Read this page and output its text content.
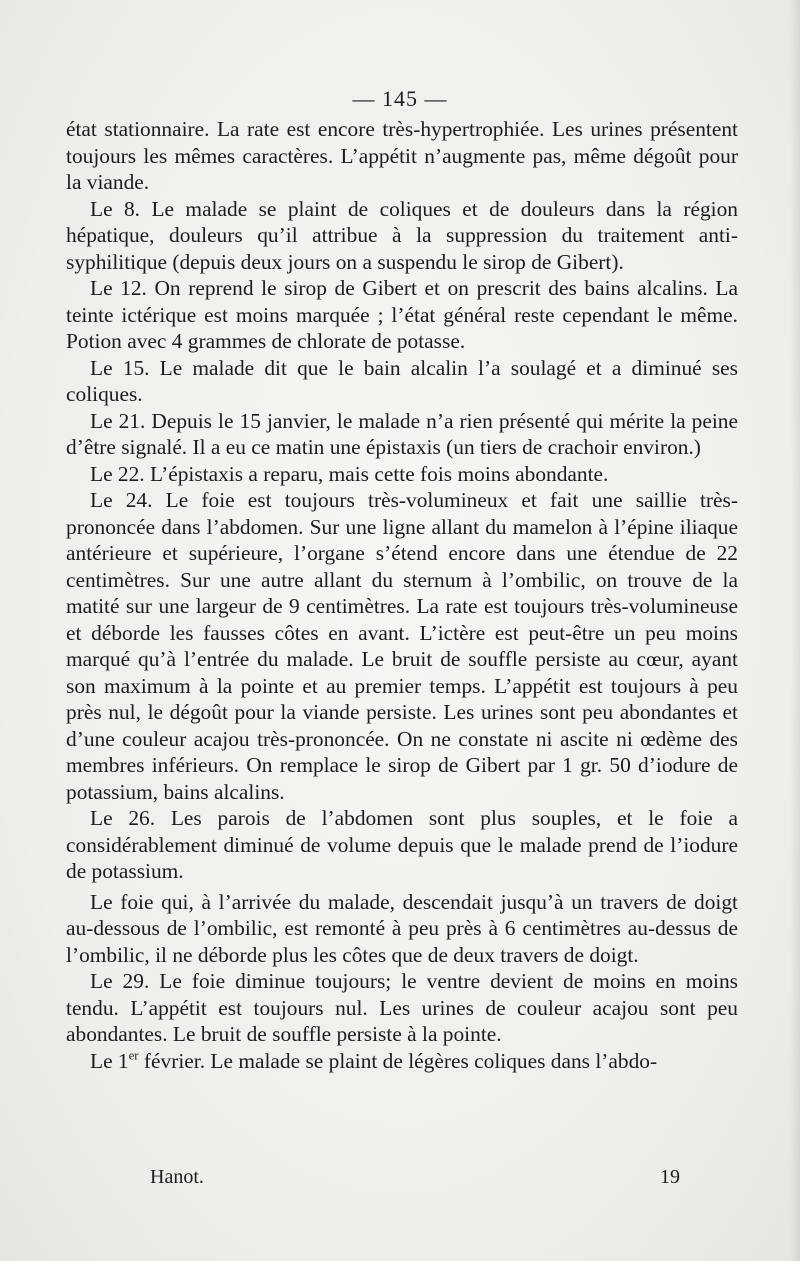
— 145 —

état stationnaire. La rate est encore très-hypertrophiée. Les urines présentent toujours les mêmes caractères. L’appétit n’augmente pas, même dégoût pour la viande.

Le 8. Le malade se plaint de coliques et de douleurs dans la région hépatique, douleurs qu’il attribue à la suppression du traitement anti-syphilitique (depuis deux jours on a suspendu le sirop de Gibert).

Le 12. On reprend le sirop de Gibert et on prescrit des bains alcalins. La teinte ictérique est moins marquée ; l’état général reste cependant le même. Potion avec 4 grammes de chlorate de potasse.

Le 15. Le malade dit que le bain alcalin l’a soulagé et a diminué ses coliques.

Le 21. Depuis le 15 janvier, le malade n’a rien présenté qui mérite la peine d’être signalé. Il a eu ce matin une épistaxis (un tiers de crachoir environ.)

Le 22. L’épistaxis a reparu, mais cette fois moins abondante.

Le 24. Le foie est toujours très-volumineux et fait une saillie très-prononcée dans l’abdomen. Sur une ligne allant du mamelon à l’épine iliaque antérieure et supérieure, l’organe s’étend encore dans une étendue de 22 centimètres. Sur une autre allant du sternum à l’ombilic, on trouve de la matité sur une largeur de 9 centimètres. La rate est toujours très-volumineuse et déborde les fausses côtes en avant. L’ictère est peut-être un peu moins marqué qu’à l’entrée du malade. Le bruit de souffle persiste au cœur, ayant son maximum à la pointe et au premier temps. L’appétit est toujours à peu près nul, le dégoût pour la viande persiste. Les urines sont peu abondantes et d’une couleur acajou très-prononcée. On ne constate ni ascite ni œdème des membres inférieurs. On remplace le sirop de Gibert par 1 gr. 50 d’iodure de potassium, bains alcalins.

Le 26. Les parois de l’abdomen sont plus souples, et le foie a considérablement diminué de volume depuis que le malade prend de l’iodure de potassium.

Le foie qui, à l’arrivée du malade, descendait jusqu’à un travers de doigt au-dessous de l’ombilic, est remonté à peu près à 6 centimètres au-dessus de l’ombilic, il ne déborde plus les côtes que de deux travers de doigt.

Le 29. Le foie diminue toujours; le ventre devient de moins en moins tendu. L’appétit est toujours nul. Les urines de couleur acajou sont peu abondantes. Le bruit de souffle persiste à la pointe.

Le 1er février. Le malade se plaint de légères coliques dans l’abdo-

Hanot.	19
